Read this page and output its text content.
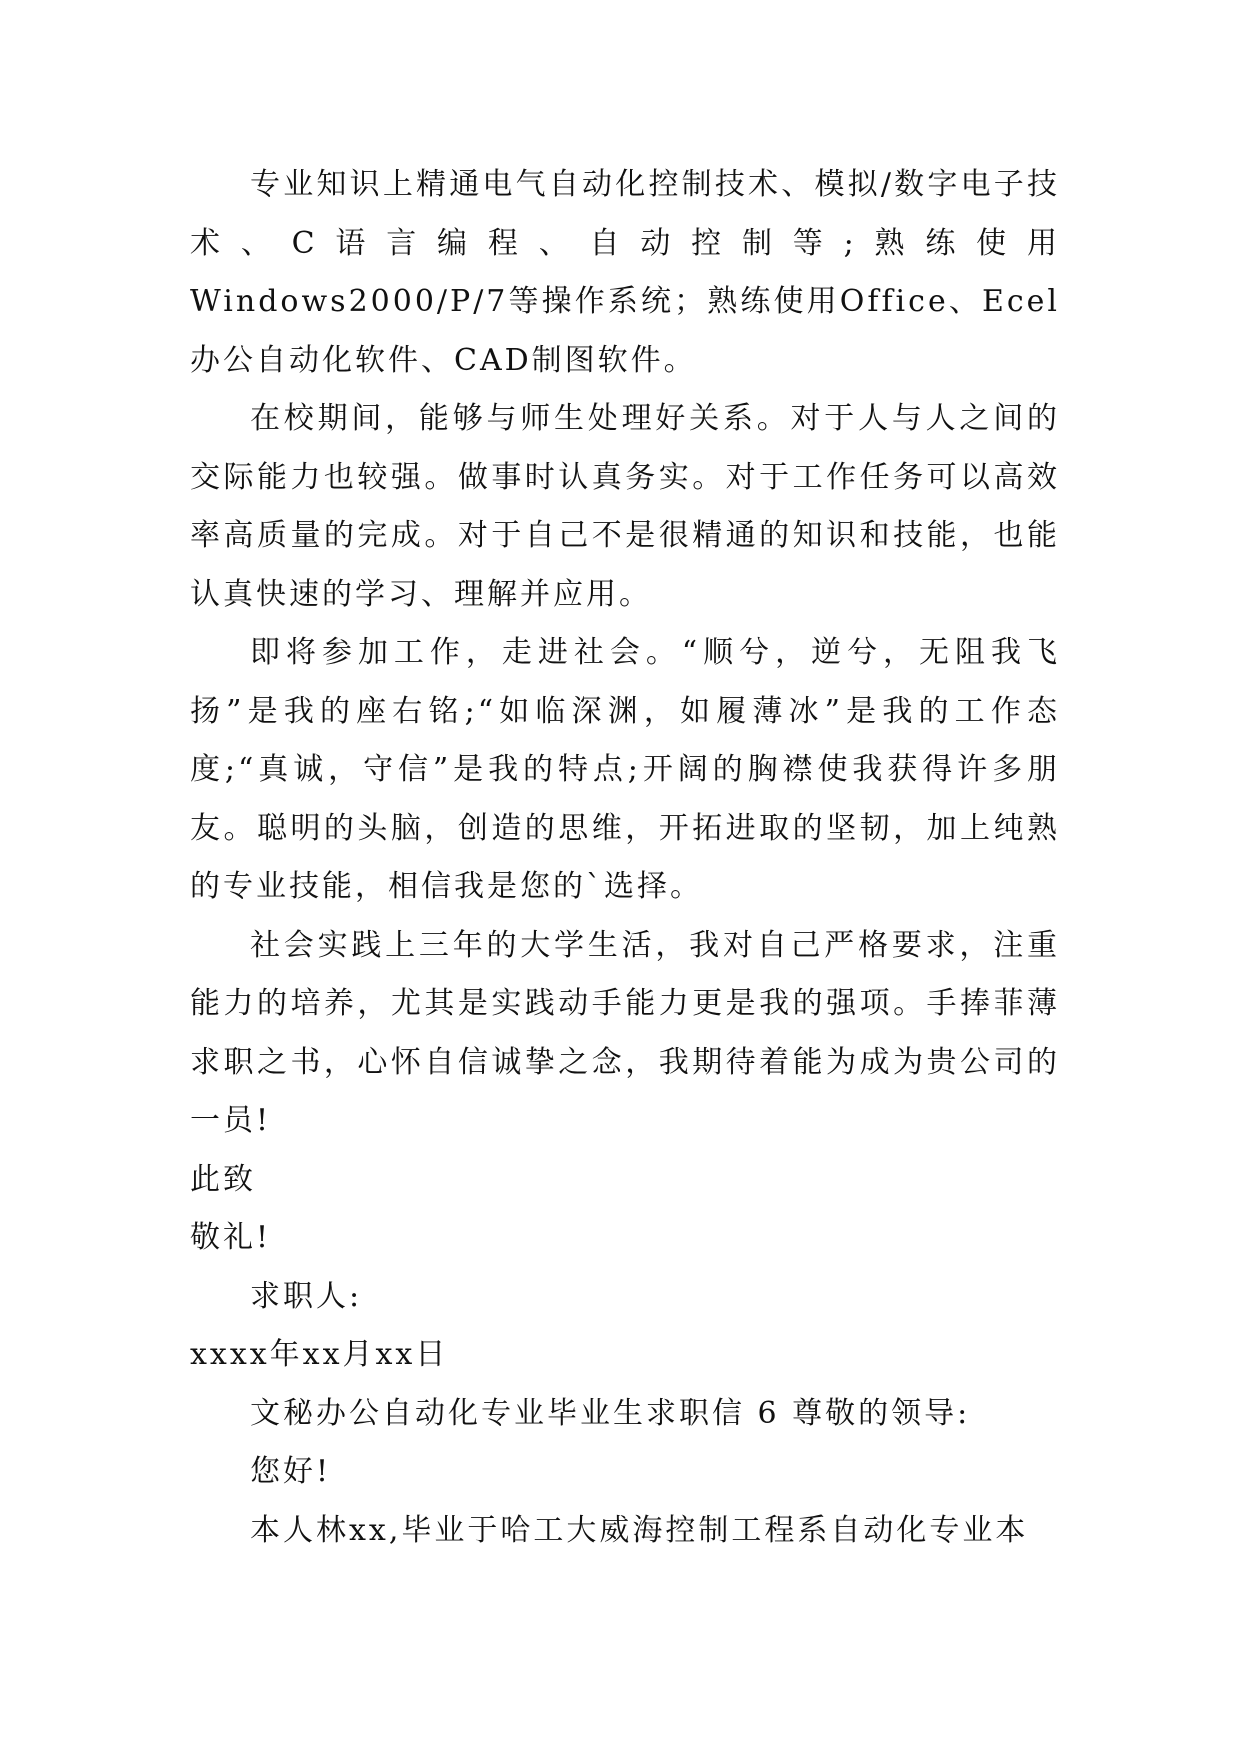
专业知识上精通电气自动化控制技术、模拟/数字电子技术、C语言编程、自动控制等;熟练使用Windows2000/P/7等操作系统；熟练使用Office、Ecel办公自动化软件、CAD制图软件。

在校期间，能够与师生处理好关系。对于人与人之间的交际能力也较强。做事时认真务实。对于工作任务可以高效率高质量的完成。对于自己不是很精通的知识和技能，也能认真快速的学习、理解并应用。

即将参加工作，走进社会。“顺兮，逆兮，无阻我飞扬”是我的座右铭;“如临深渊，如履薄冰”是我的工作态度;“真诚，守信”是我的特点;开阔的胸襟使我获得许多朋友。聪明的头脑，创造的思维，开拓进取的坚韧，加上纯熟的专业技能，相信我是您的`选择。

社会实践上三年的大学生活，我对自己严格要求，注重能力的培养，尤其是实践动手能力更是我的强项。手捧菲薄求职之书，心怀自信诚挚之念，我期待着能为成为贵公司的一员!

此致

敬礼!

求职人:

xxxx年xx月xx日

文秘办公自动化专业毕业生求职信 6 尊敬的领导:

您好!

本人林xx,毕业于哈工大威海控制工程系自动化专业本
